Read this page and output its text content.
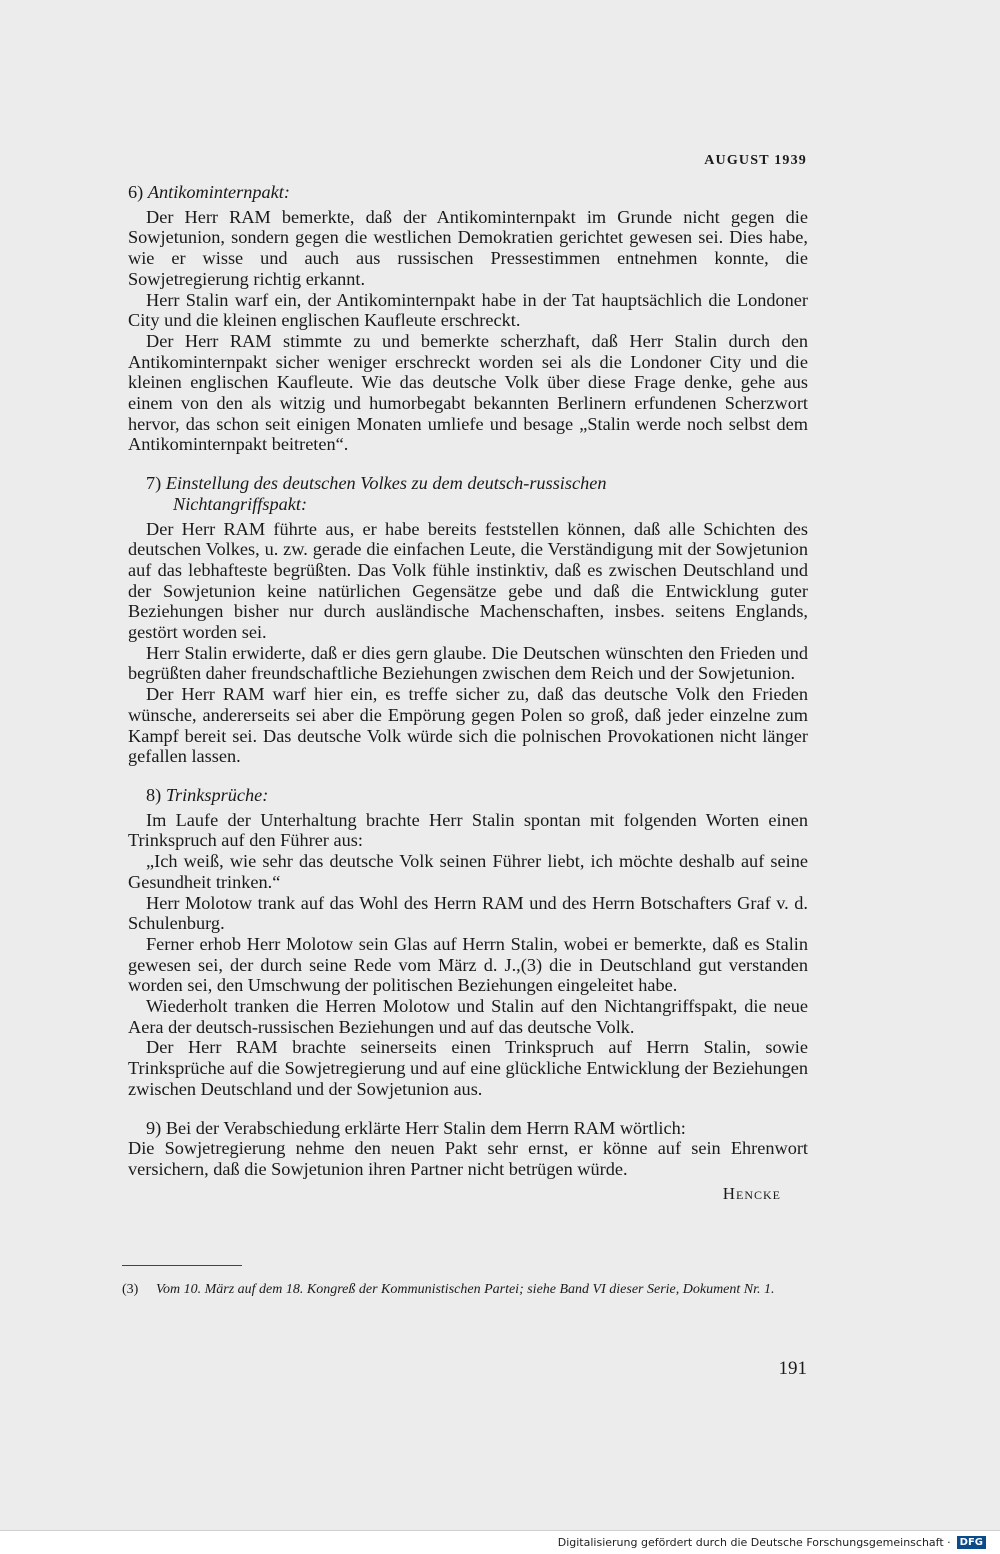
AUGUST 1939
6) Antikominternpakt:

Der Herr RAM bemerkte, daß der Antikominternpakt im Grunde nicht gegen die Sowjetunion, sondern gegen die westlichen Demokratien gerichtet gewesen sei. Dies habe, wie er wisse und auch aus russischen Pressestimmen entnehmen konnte, die Sowjetregierung richtig erkannt.

Herr Stalin warf ein, der Antikominternpakt habe in der Tat hauptsächlich die Londoner City und die kleinen englischen Kaufleute erschreckt.

Der Herr RAM stimmte zu und bemerkte scherzhaft, daß Herr Stalin durch den Antikominternpakt sicher weniger erschreckt worden sei als die Londoner City und die kleinen englischen Kaufleute. Wie das deutsche Volk über diese Frage denke, gehe aus einem von den als witzig und humorbegabt bekannten Berlinern erfundenen Scherzwort hervor, das schon seit einigen Monaten umliefe und besage „Stalin werde noch selbst dem Antikominternpakt beitreten“.

7) Einstellung des deutschen Volkes zu dem deutsch-russischen
Nichtangriffspakt:

Der Herr RAM führte aus, er habe bereits feststellen können, daß alle Schichten des deutschen Volkes, u. zw. gerade die einfachen Leute, die Verständigung mit der Sowjetunion auf das lebhafteste begrüßten. Das Volk fühle instinktiv, daß es zwischen Deutschland und der Sowjetunion keine natürlichen Gegensätze gebe und daß die Entwicklung guter Beziehungen bisher nur durch ausländische Machenschaften, insbes. seitens Englands, gestört worden sei.

Herr Stalin erwiderte, daß er dies gern glaube. Die Deutschen wünschten den Frieden und begrüßten daher freundschaftliche Beziehungen zwischen dem Reich und der Sowjetunion.

Der Herr RAM warf hier ein, es treffe sicher zu, daß das deutsche Volk den Frieden wünsche, andererseits sei aber die Empörung gegen Polen so groß, daß jeder einzelne zum Kampf bereit sei. Das deutsche Volk würde sich die polnischen Provokationen nicht länger gefallen lassen.

8) Trinksprüche:

Im Laufe der Unterhaltung brachte Herr Stalin spontan mit folgenden Worten einen Trinkspruch auf den Führer aus:

„Ich weiß, wie sehr das deutsche Volk seinen Führer liebt, ich möchte deshalb auf seine Gesundheit trinken.“

Herr Molotow trank auf das Wohl des Herrn RAM und des Herrn Botschafters Graf v. d. Schulenburg.

Ferner erhob Herr Molotow sein Glas auf Herrn Stalin, wobei er bemerkte, daß es Stalin gewesen sei, der durch seine Rede vom März d. J.,(3) die in Deutschland gut verstanden worden sei, den Umschwung der politischen Beziehungen eingeleitet habe.

Wiederholt tranken die Herren Molotow und Stalin auf den Nichtangriffspakt, die neue Aera der deutsch-russischen Beziehungen und auf das deutsche Volk.

Der Herr RAM brachte seinerseits einen Trinkspruch auf Herrn Stalin, sowie Trinksprüche auf die Sowjetregierung und auf eine glückliche Entwicklung der Beziehungen zwischen Deutschland und der Sowjetunion aus.

9) Bei der Verabschiedung erklärte Herr Stalin dem Herrn RAM wörtlich:

Die Sowjetregierung nehme den neuen Pakt sehr ernst, er könne auf sein Ehrenwort versichern, daß die Sowjetunion ihren Partner nicht betrügen würde.

Hencke
(3)	Vom 10. März auf dem 18. Kongreß der Kommunistischen Partei; siehe Band VI dieser Serie, Dokument Nr. 1.
191
Digitalisierung gefördert durch die Deutsche Forschungsgemeinschaft · DFG
